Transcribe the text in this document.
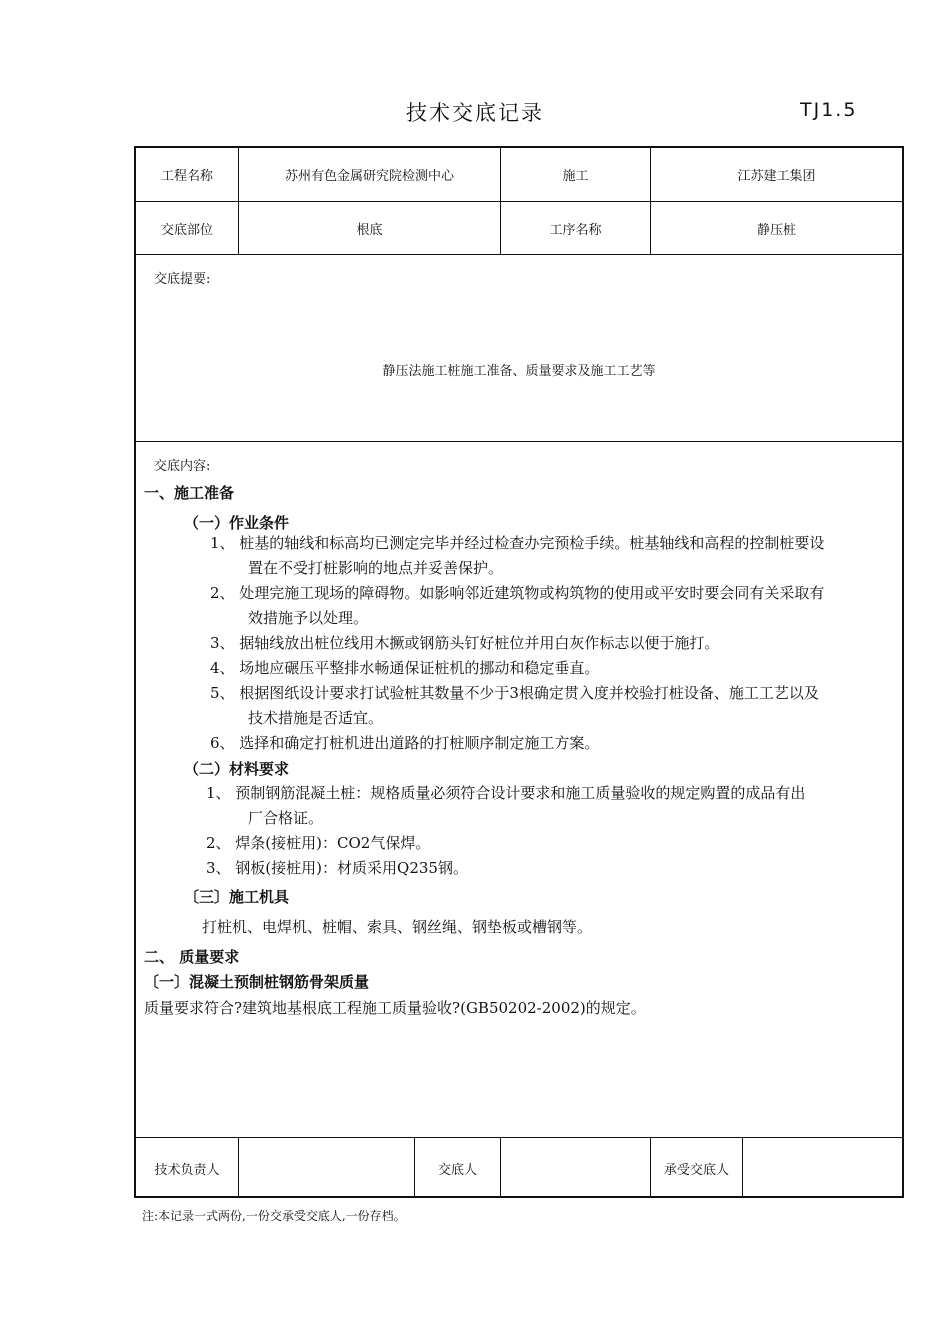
技术交底记录	TJ1.5
工程名称	苏州有色金属研究院检测中心	施工	江苏建工集团
交底部位	根底	工序名称	静压桩
交底提要:
静压法施工桩施工准备、质量要求及施工工艺等
交底内容:
一、施工准备
（一）作业条件
1、 桩基的轴线和标高均已测定完毕并经过检查办完预检手续。桩基轴线和高程的控制桩要设
置在不受打桩影响的地点并妥善保护。
2、 处理完施工现场的障碍物。如影响邻近建筑物或构筑物的使用或平安时要会同有关采取有
效措施予以处理。
3、 据轴线放出桩位线用木撅或钢筋头钉好桩位并用白灰作标志以便于施打。
4、 场地应碾压平整排水畅通保证桩机的挪动和稳定垂直。
5、 根据图纸设计要求打试验桩其数量不少于3根确定贯入度并校验打桩设备、施工工艺以及
技术措施是否适宜。
6、 选择和确定打桩机进出道路的打桩顺序制定施工方案。
（二）材料要求
1、 预制钢筋混凝土桩：规格质量必须符合设计要求和施工质量验收的规定购置的成品有出
厂合格证。
2、 焊条(接桩用)：CO2气保焊。
3、 钢板(接桩用)：材质采用Q235钢。
〔三〕施工机具
打桩机、电焊机、桩帽、索具、钢丝绳、钢垫板或槽钢等。
二、 质量要求
〔一〕混凝土预制桩钢筋骨架质量
质量要求符合?建筑地基根底工程施工质量验收?(GB50202-2002)的规定。
技术负责人	交底人	承受交底人
注:本记录一式两份,一份交承受交底人,一份存档。
